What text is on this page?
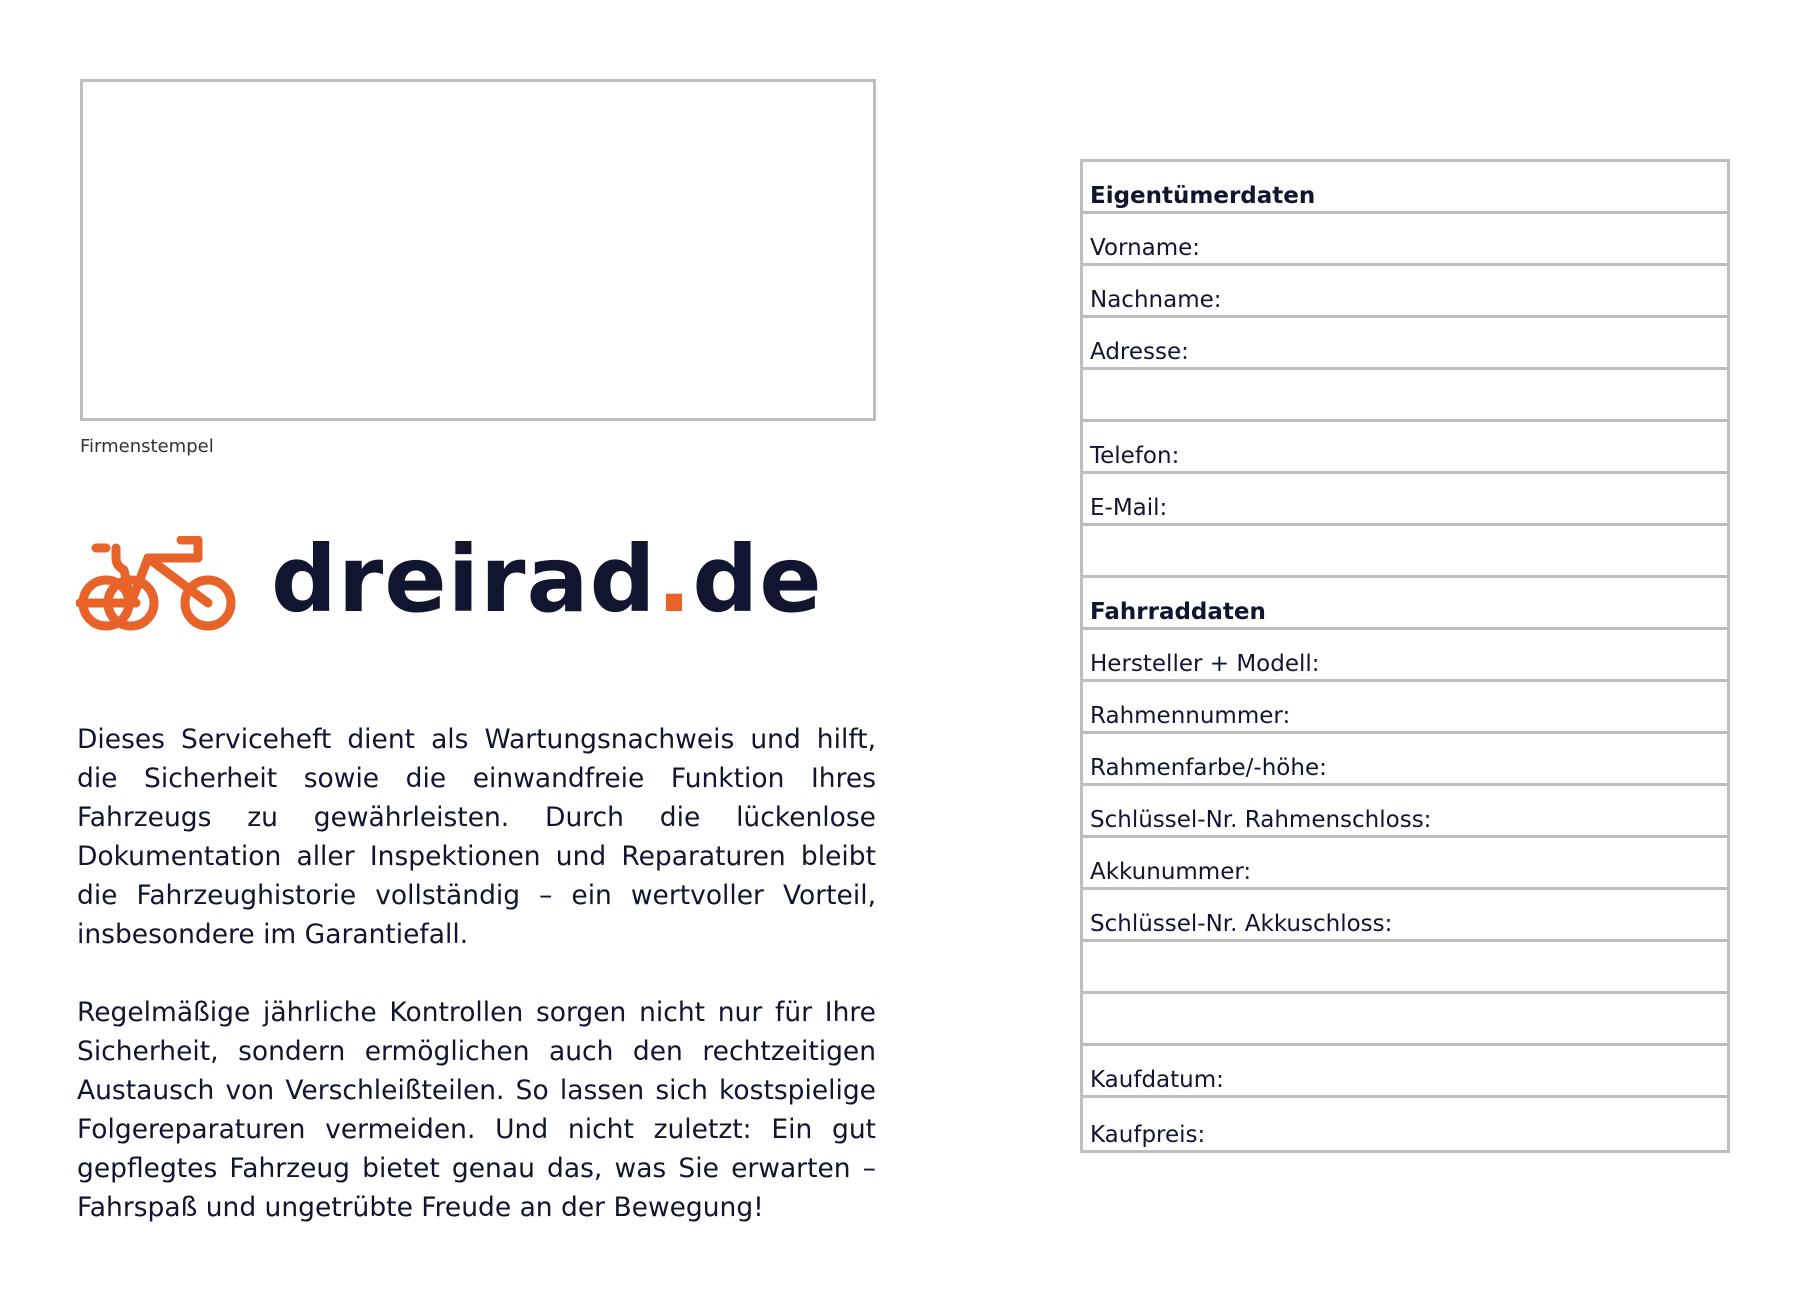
Firmenstempel
dreirad.de

Dieses Serviceheft dient als Wartungsnachweis und hilft, die Sicherheit sowie die einwandfreie Funktion Ihres Fahrzeugs zu gewährleisten. Durch die lückenlose Dokumentation aller Inspektionen und Reparaturen bleibt die Fahrzeughistorie vollständig – ein wertvoller Vorteil, insbesondere im Garantiefall.

Regelmäßige jährliche Kontrollen sorgen nicht nur für Ihre Sicherheit, sondern ermöglichen auch den rechtzeitigen Austausch von Verschleißteilen. So lassen sich kostspielige Folgereparaturen vermeiden. Und nicht zuletzt: Ein gut gepflegtes Fahrzeug bietet genau das, was Sie erwarten – Fahrspaß und ungetrübte Freude an der Bewegung!

Eigentümerdaten
Vorname:
Nachname:
Adresse:
Telefon:
E-Mail:
Fahrraddaten
Hersteller + Modell:
Rahmennummer:
Rahmenfarbe/-höhe:
Schlüssel-Nr. Rahmenschloss:
Akkunummer:
Schlüssel-Nr. Akkuschloss:
Kaufdatum:
Kaufpreis:
